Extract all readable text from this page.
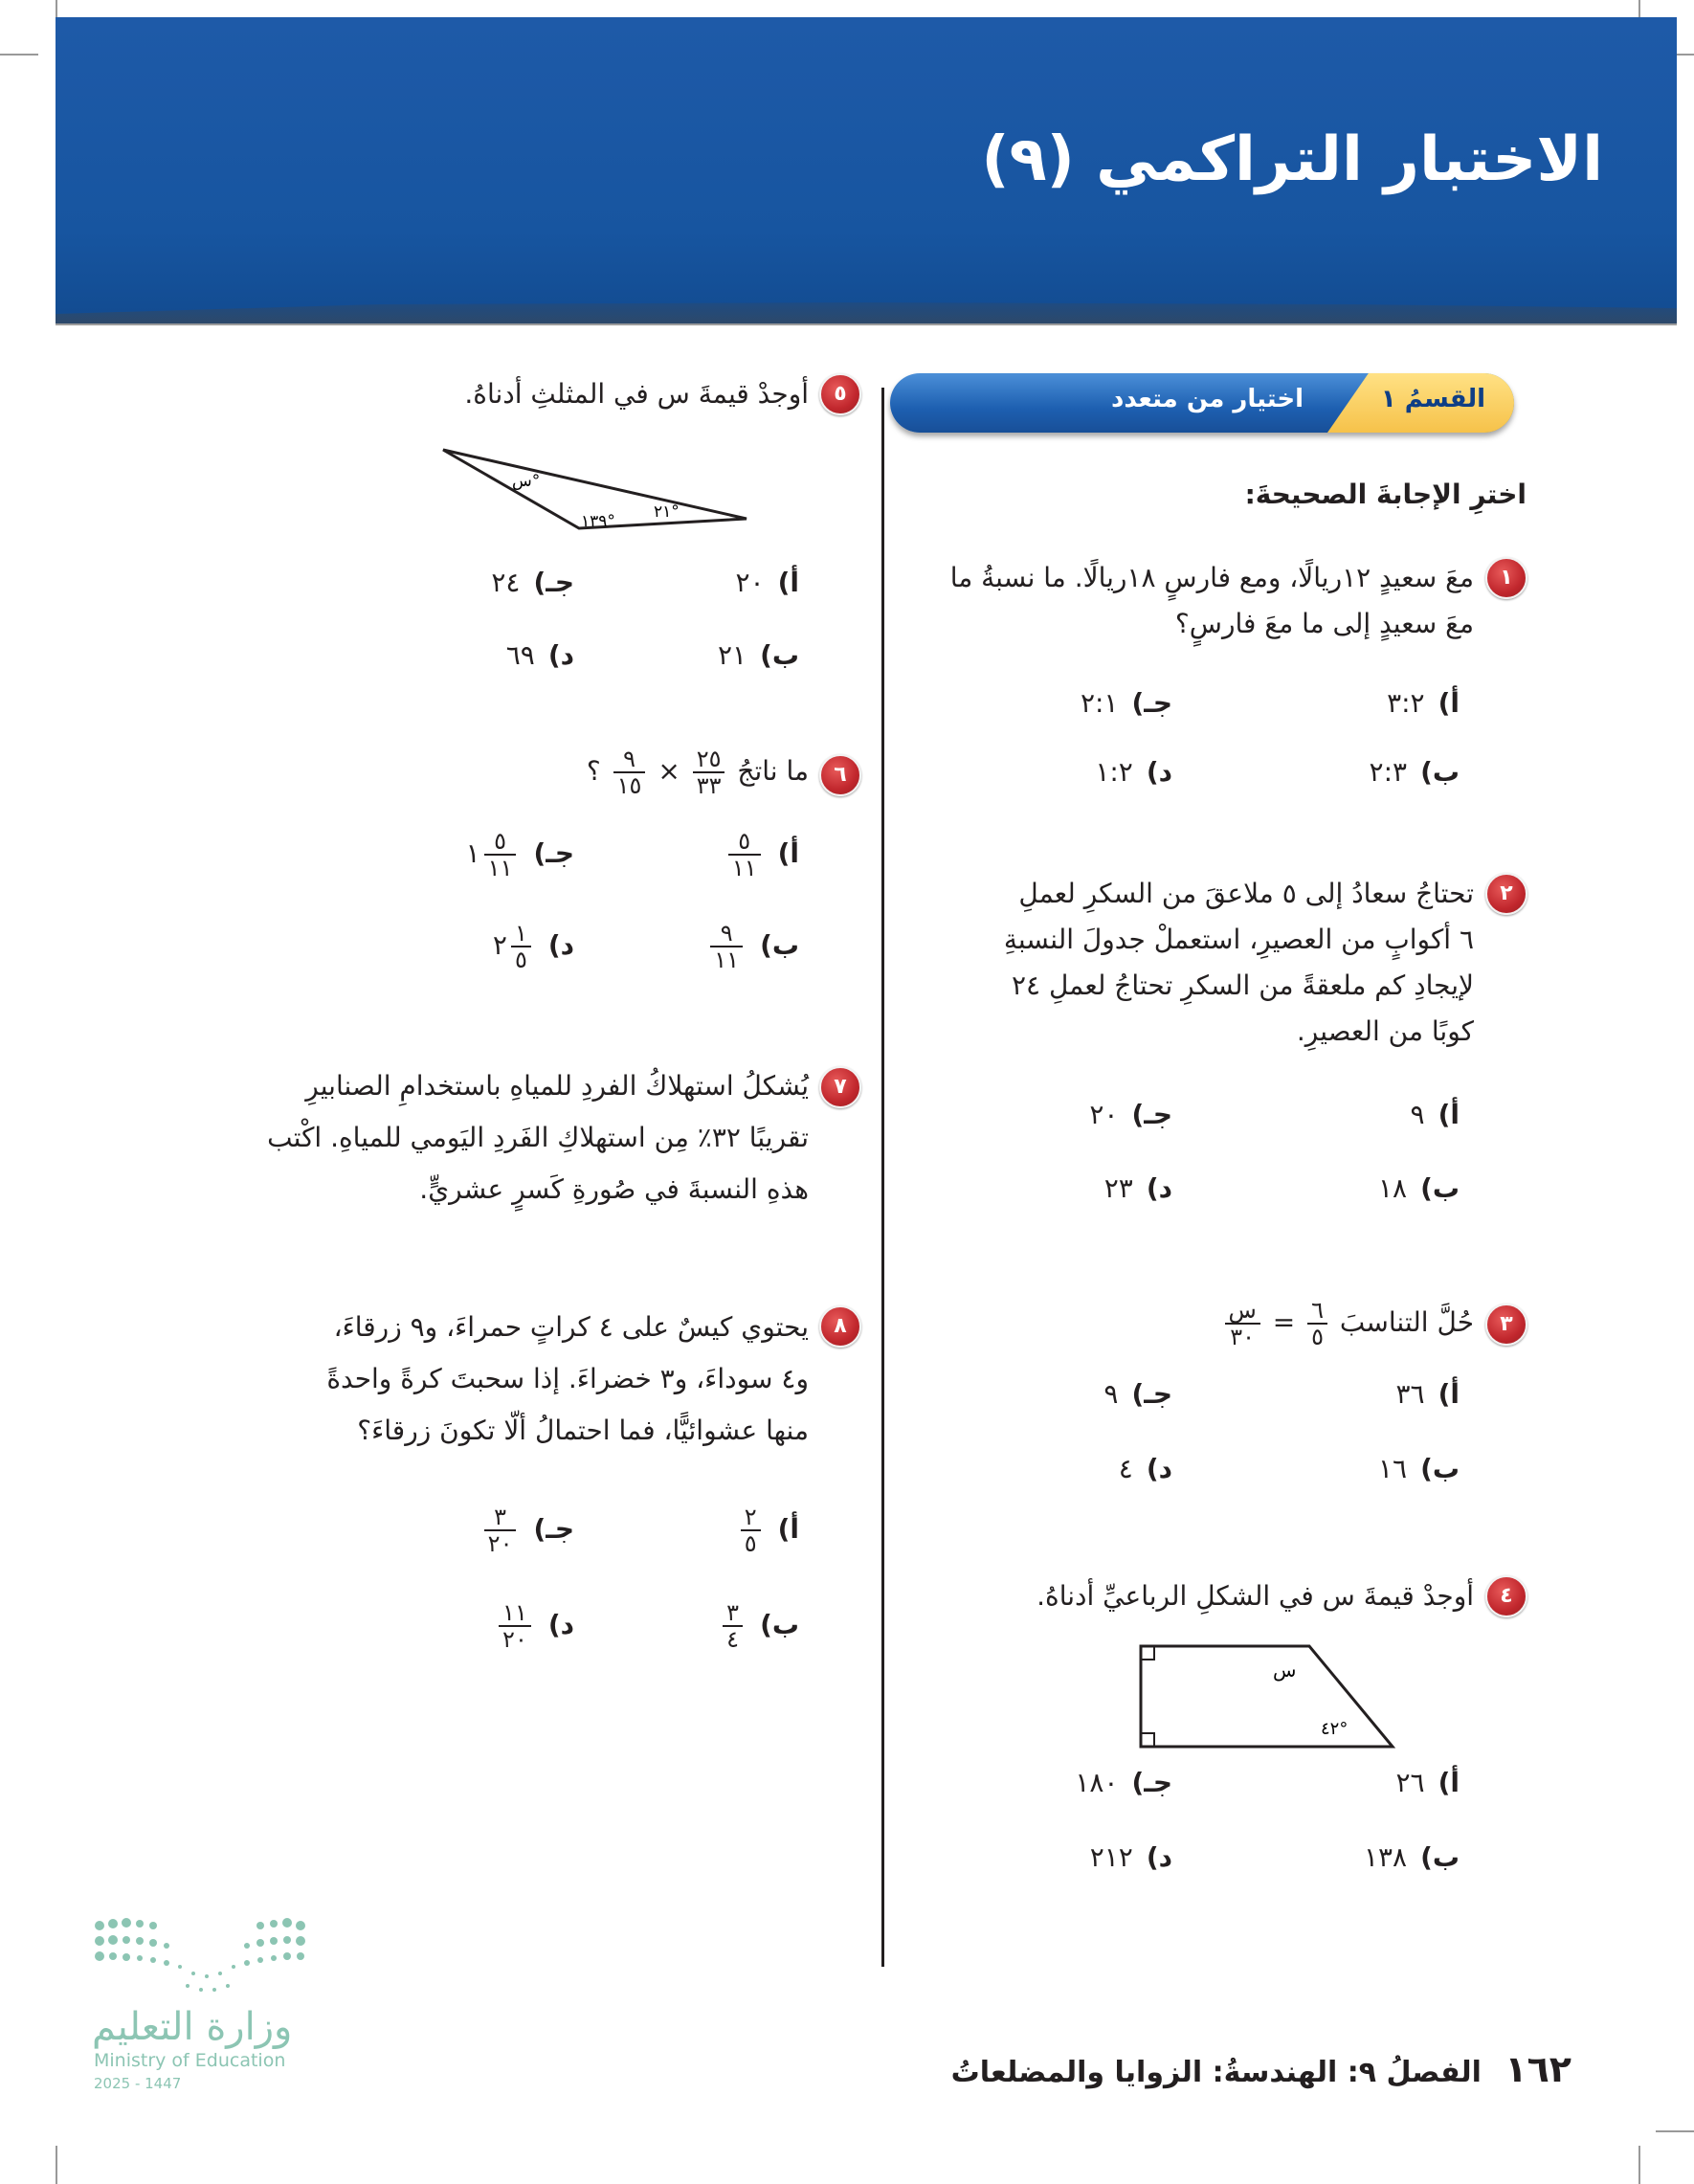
الاختبار التراكمي (٩)
القسمُ ١
اختيار من متعدد
اخترِ الإجابةَ الصحيحةَ:
١
معَ سعيدٍ ١٢ريالًا، ومع فارسٍ ١٨ريالًا. ما نسبةُ ما
معَ سعيدٍ إلى ما معَ فارسٍ؟
أ)٣:٢
ب)٢:٣
جـ)٢:١
د)١:٢
٢
تحتاجُ سعادُ إلى ٥ ملاعقَ من السكرِ لعملِ
٦ أكوابٍ من العصيرِ، استعملْ جدولَ النسبةِ
لإيجادِ كم ملعقةً من السكرِ تحتاجُ لعملِ ٢٤
كوبًا من العصيرِ.
أ)٩
ب)١٨
جـ)٢٠
د)٢٣
٣
حُلَّ التناسبَ
$\frac{٦}{٥}$
=
$\frac{\text{س}}{٣٠}$
أ)٣٦
ب)١٦
جـ)٩
د)٤
٤
أوجدْ قيمةَ س في الشكلِ الرباعيِّ أدناهُ.
س
٤٢°
أ)٢٦
ب)١٣٨
جـ)١٨٠
د)٢١٢
٥
أوجدْ قيمةَ س في المثلثِ أدناهُ.
س°
١٣٩° ٢١°
أ)٢٠
ب)٢١
جـ)٢٤
د)٦٩
٦
ما ناتجُ
$\frac{٢٥}{٣٣}$
×
$\frac{٩}{١٥}$
؟
أ)
$\frac{٥}{١١}$
ب)
$\frac{٩}{١١}$
جـ)
$\frac{٥}{١١}$
١
د)
$\frac{١}{٥}$
٢
٧
يُشكلُ استهلاكُ الفردِ للمياهِ باستخدامِ الصنابيرِ
تقريبًا ٣٢٪ مِن استهلاكِ الفَردِ اليَومي للمياهِ. اكْتب
هذهِ النسبةَ في صُورةِ كَسرٍ عشريٍّ.
٨
يحتوي كيسٌ على ٤ كراتٍ حمراءَ، و٩ زرقاءَ،
و٤ سوداءَ، و٣ خضراءَ. إذا سحبتَ كرةً واحدةً
منها عشوائيًّا، فما احتمالُ ألّا تكونَ زرقاءَ؟
أ)
$\frac{٢}{٥}$
ب)
$\frac{٣}{٤}$
جـ)
$\frac{٣}{٢٠}$
د)
$\frac{١١}{٢٠}$
وزارة التعليم
Ministry of Education
2025 - 1447	١٦٢ الفصلُ ٩: الهندسةُ: الزوايا والمضلعاتُ
